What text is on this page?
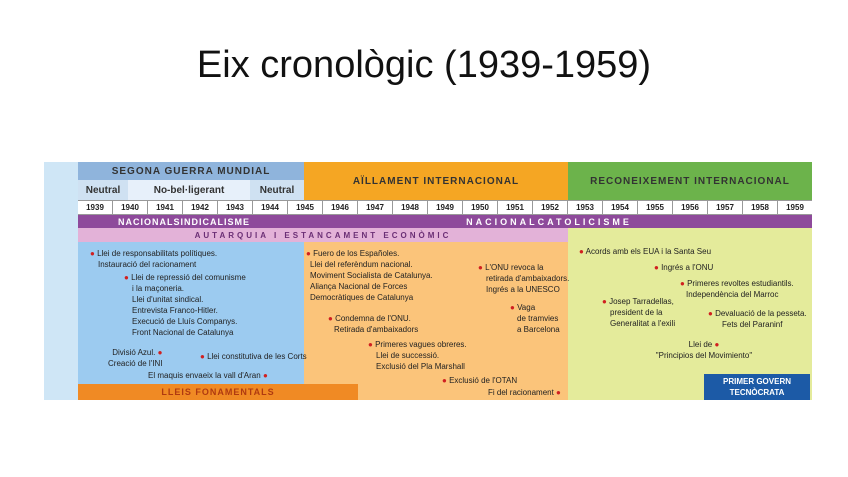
Eix cronològic (1939-1959)
SEGONA GUERRA MUNDIAL
Neutral	No-bel·ligerant	Neutral
AÏLLAMENT INTERNACIONAL	RECONEIXEMENT INTERNACIONAL
1939	1940	1941	1942	1943	1944	1945	1946	1947	1948	1949	1950	1951	1952	1953	1954	1955	1956	1957	1958	1959
NACIONALSINDICALISME	NACIONALCATOLICISME
AUTARQUIA I ESTANCAMENT ECONÒMIC
● Llei de responsabilitats polítiques.
Instauració del racionament
● Llei de repressió del comunisme
i la maçoneria.
Llei d'unitat sindical.
Entrevista Franco-Hitler.
Execució de Lluís Companys.
Front Nacional de Catalunya
Divisió Azul. ●
Creació de l'INI
● Llei constitutiva de les Corts
El maquis envaeix la vall d'Aran ●
● Fuero de los Españoles.
Llei del referèndum nacional.
Moviment Socialista de Catalunya.
Aliança Nacional de Forces
Democràtiques de Catalunya
● Condemna de l'ONU.
Retirada d'ambaixadors
● Primeres vagues obreres.
Llei de successió.
Exclusió del Pla Marshall
● L'ONU revoca la
retirada d'ambaixadors.
Ingrés a la UNESCO
● Vaga
de tramvies
a Barcelona
● Exclusió de l'OTAN
Fi del racionament ●
● Acords amb els EUA i la Santa Seu
● Ingrés a l'ONU
● Primeres revoltes estudiantils.
Independència del Marroc
● Josep Tarradellas,
president de la
Generalitat a l'exili
● Devaluació de la pesseta.
Fets del Paraninf
Llei de ●
"Principios del Movimiento"
LLEIS FONAMENTALS
PRIMER GOVERN
TECNÒCRATA
